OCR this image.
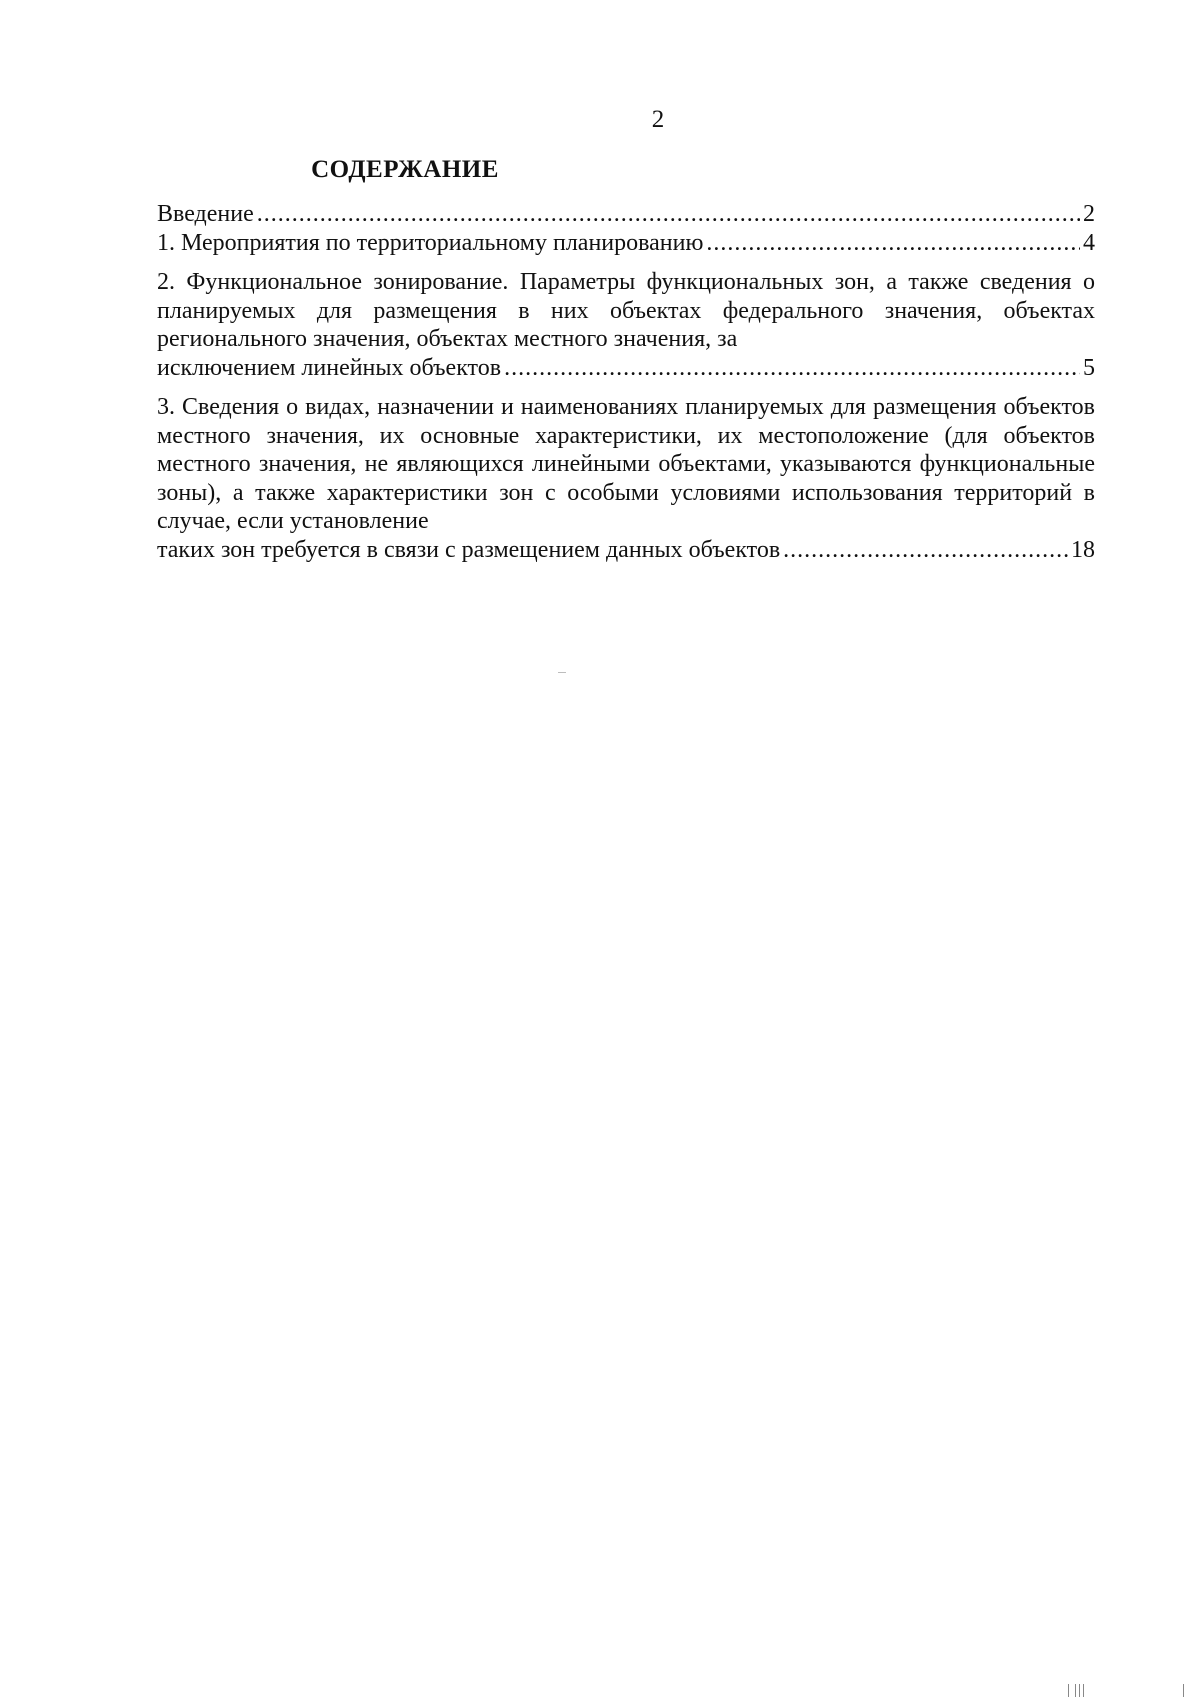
2
СОДЕРЖАНИЕ
Введение .....	2
1. Мероприятия по территориальному планированию .....	4
2. Функциональное зонирование. Параметры функциональных зон, а также сведения о планируемых для размещения в них объектах федерального значения, объектах регионального значения, объектах местного значения, за
исключением линейных объектов .....	5
3. Сведения о видах, назначении и наименованиях планируемых для размещения объектов местного значения, их основные характеристики, их местоположение (для объектов местного значения, не являющихся линейными объектами, указываются функциональные зоны), а также характеристики зон с особыми условиями использования территорий в случае, если установление
таких зон требуется в связи с размещением данных объектов .....	18
